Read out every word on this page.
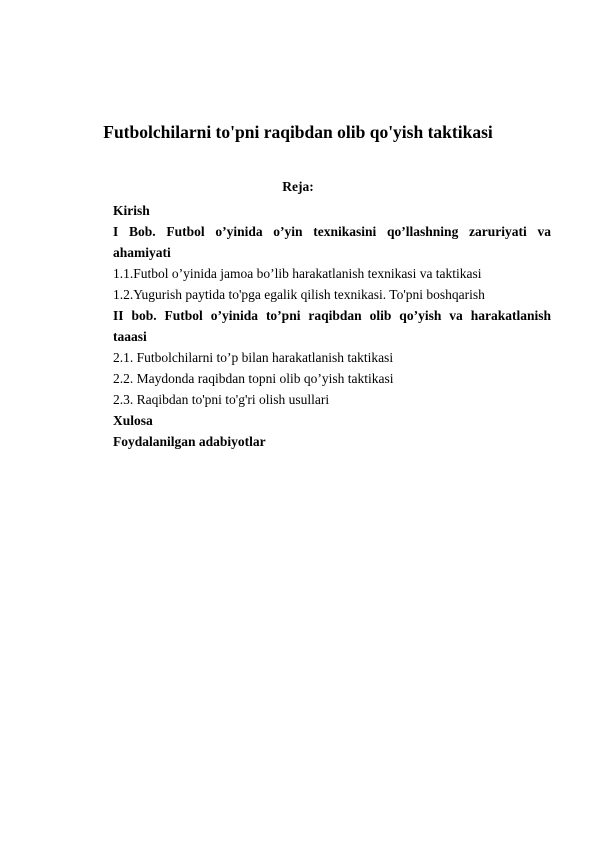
Futbolchilarni to'pni raqibdan olib qo'yish taktikasi
Reja:
Kirish
I Bob. Futbol o’yinida o’yin texnikasini qo’llashning zaruriyati va
ahamiyati
1.1.Futbol o’yinida jamoa bo’lib harakatlanish texnikasi va taktikasi
1.2.Yugurish paytida to'pga egalik qilish texnikasi. To'pni boshqarish
II bob. Futbol o’yinida to’pni raqibdan olib qo’yish va harakatlanish
taaasi
2.1. Futbolchilarni to’p bilan harakatlanish taktikasi
2.2. Maydonda raqibdan topni olib qo’yish taktikasi
2.3. Raqibdan to'pni to'g'ri olish usullari
Xulosa
Foydalanilgan adabiyotlar
